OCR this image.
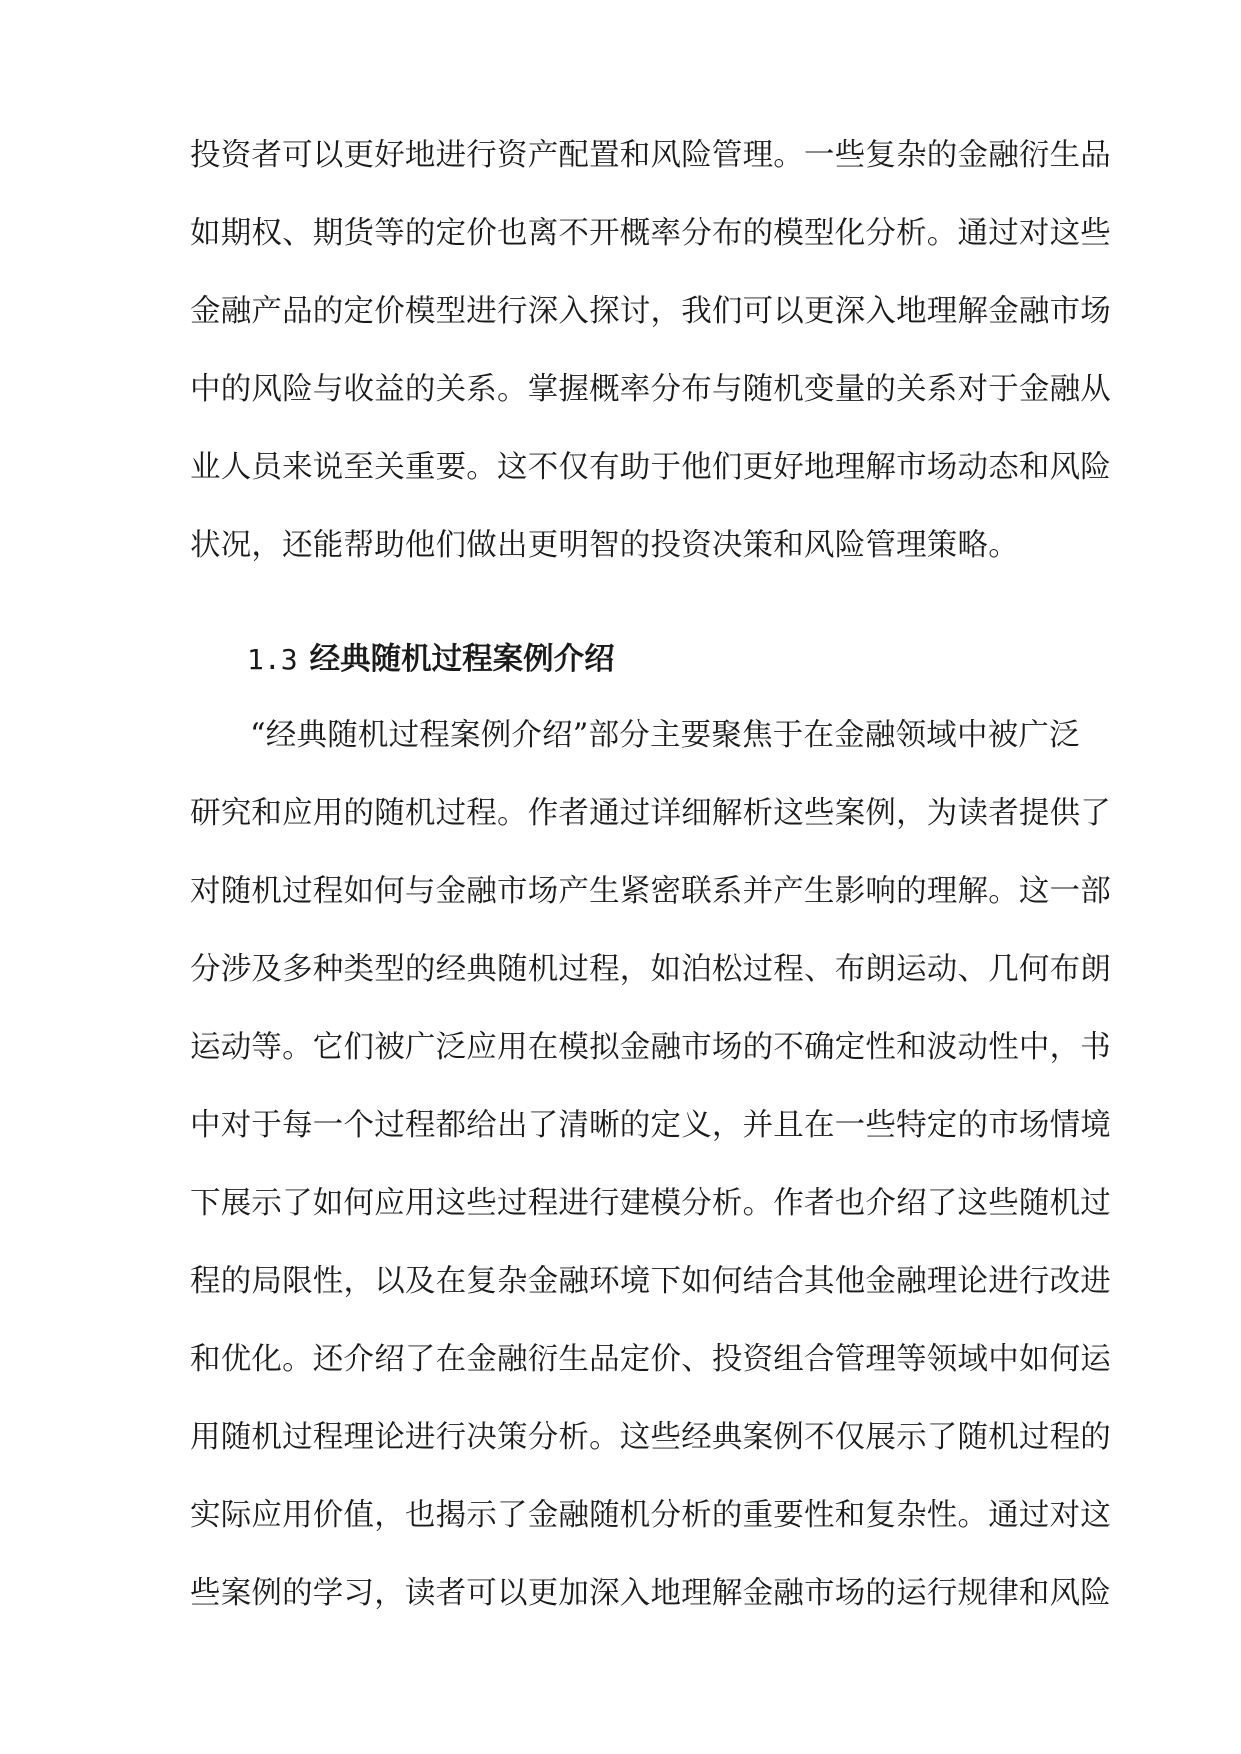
投资者可以更好地进行资产配置和风险管理。一些复杂的金融衍生品
如期权、期货等的定价也离不开概率分布的模型化分析。通过对这些
金融产品的定价模型进行深入探讨，我们可以更深入地理解金融市场
中的风险与收益的关系。掌握概率分布与随机变量的关系对于金融从
业人员来说至关重要。这不仅有助于他们更好地理解市场动态和风险
状况，还能帮助他们做出更明智的投资决策和风险管理策略。
1.3 经典随机过程案例介绍
“经典随机过程案例介绍”部分主要聚焦于在金融领域中被广泛
研究和应用的随机过程。作者通过详细解析这些案例，为读者提供了
对随机过程如何与金融市场产生紧密联系并产生影响的理解。这一部
分涉及多种类型的经典随机过程，如泊松过程、布朗运动、几何布朗
运动等。它们被广泛应用在模拟金融市场的不确定性和波动性中，书
中对于每一个过程都给出了清晰的定义，并且在一些特定的市场情境
下展示了如何应用这些过程进行建模分析。作者也介绍了这些随机过
程的局限性，以及在复杂金融环境下如何结合其他金融理论进行改进
和优化。还介绍了在金融衍生品定价、投资组合管理等领域中如何运
用随机过程理论进行决策分析。这些经典案例不仅展示了随机过程的
实际应用价值，也揭示了金融随机分析的重要性和复杂性。通过对这
些案例的学习，读者可以更加深入地理解金融市场的运行规律和风险
